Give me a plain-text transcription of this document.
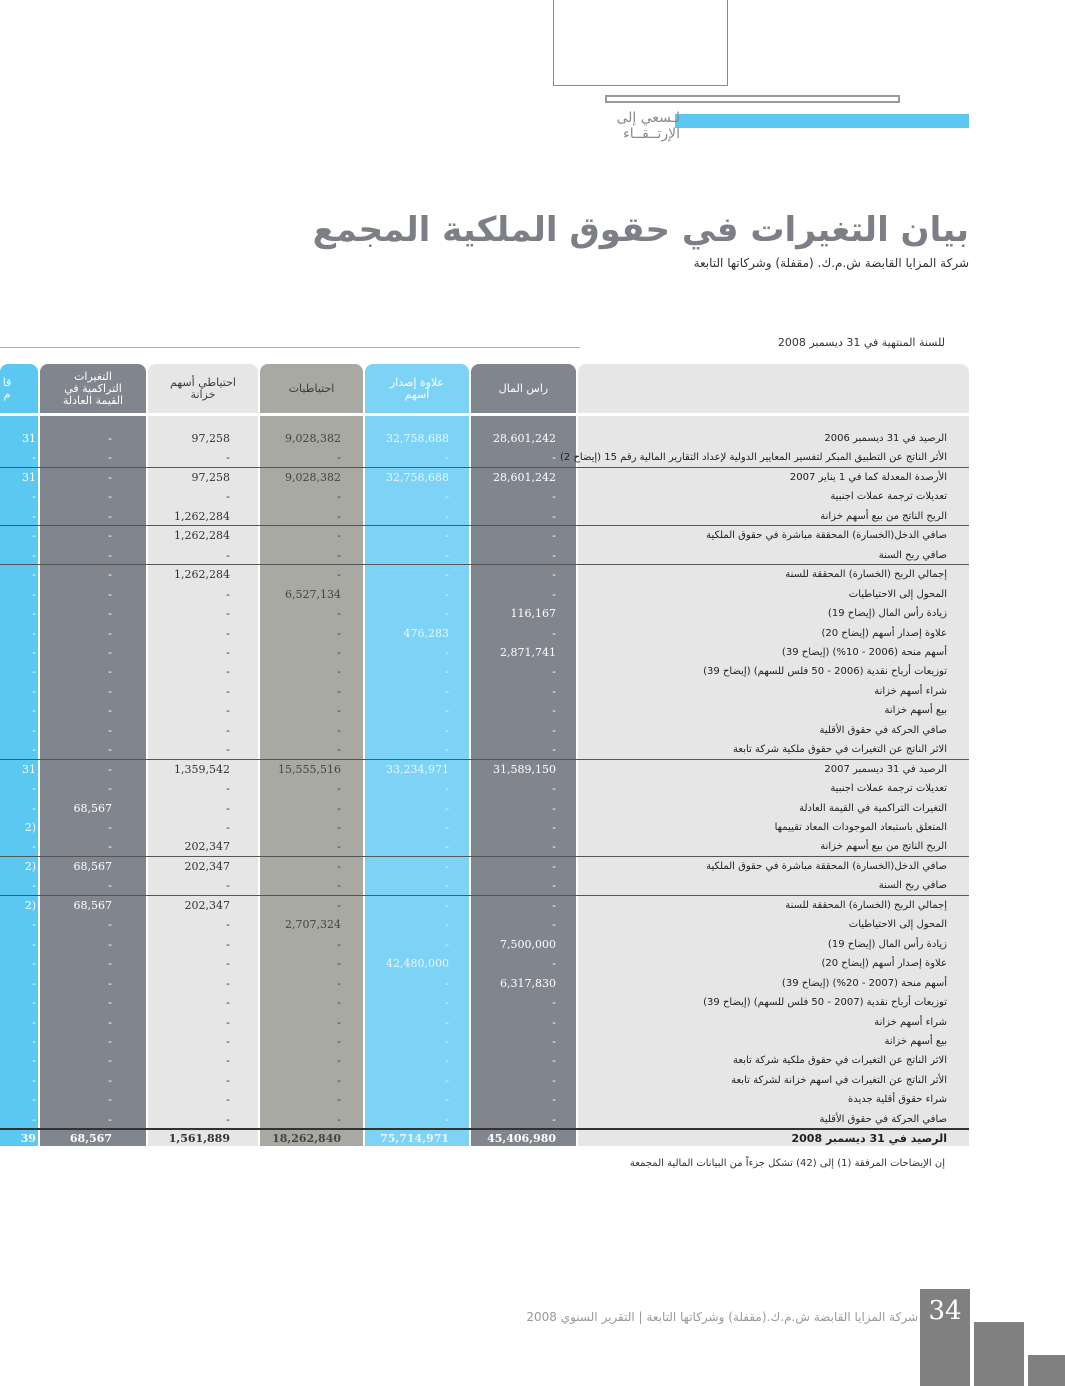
لـسعي إلى الإرتــقــاء
بيان التغيرات في حقوق الملكية المجمع
شركة المزايا القابضة ش.م.ك. (مقفلة) وشركاتها التابعة
للسنة المنتهية في 31 ديسمبر 2008
راس المال
علاوة إصدار أسهم
احتياطيات
احتياطي أسهم خزانة
التغيرات التراكمية في القيمة العادلة
قا م
الرصيد في 31 ديسمبر 2006
28,601,242
32,758,688
9,028,382
97,258
-
31
الأثر الناتج عن التطبيق المبكر لتفسير المعايير الدولية لإعداد التقارير المالية رقم 15 (إيضاح 2)
-
-
-
-
-
-
الأرصدة المعدلة كما في 1 يناير 2007
28,601,242
32,758,688
9,028,382
97,258
-
31
تعديلات ترجمة عملات اجنبية
-
-
-
-
-
-
الربح الناتج من بيع أسهم خزانة
-
-
-
1,262,284
-
-
صافي الدخل(الخسارة) المحققة مباشرة في حقوق الملكية
-
-
-
1,262,284
-
-
صافي ربح السنة
-
-
-
-
-
-
إجمالي الربح (الخسارة) المحققة للسنة
-
-
-
1,262,284
-
-
المحول إلى الاحتياطيات
-
-
6,527,134
-
-
-
زيادة رأس المال (إيضاح 19)
116,167
-
-
-
-
-
علاوة إصدار أسهم (إيضاح 20)
-
476,283
-
-
-
-
أسهم منحة (2006 - 10%) (إيضاح 39)
2,871,741
-
-
-
-
-
توزيعات أرباح نقدية (2006 - 50 فلس للسهم) (إيضاح 39)
-
-
-
-
-
-
شراء أسهم خزانة
-
-
-
-
-
-
بيع أسهم خزانة
-
-
-
-
-
-
صافي الحركة في حقوق الأقلية
-
-
-
-
-
-
الاثر الناتج عن التغيرات في حقوق ملكية شركة تابعة
-
-
-
-
-
-
الرصيد في 31 ديسمبر 2007
31,589,150
33,234,971
15,555,516
1,359,542
-
31
تعديلات ترجمة عملات اجنبية
-
-
-
-
-
-
التغيرات التراكمية في القيمة العادلة
-
-
-
-
68,567
-
المتعلق باستبعاد الموجودات المعاد تقييمها
-
-
-
-
-
2)
الربح الناتج من بيع أسهم خزانة
-
-
-
202,347
-
-
صافي الدخل(الخسارة) المحققة مباشرة في حقوق الملكية
-
-
-
202,347
68,567
2)
صافي ربح السنة
-
-
-
-
-
-
إجمالي الربح (الخسارة) المحققة للسنة
-
-
-
202,347
68,567
2)
المحول إلى الاحتياطيات
-
-
2,707,324
-
-
-
زيادة رأس المال (إيضاح 19)
7,500,000
-
-
-
-
-
علاوة إصدار أسهم (إيضاح 20)
-
42,480,000
-
-
-
-
أسهم منحة (2007 - 20%) (إيضاح 39)
6,317,830
-
-
-
-
-
توزيعات أرباح نقدية (2007 - 50 فلس للسهم) (إيضاح 39)
-
-
-
-
-
-
شراء أسهم خزانة
-
-
-
-
-
-
بيع أسهم خزانة
-
-
-
-
-
-
الاثر الناتج عن التغيرات في حقوق ملكية شركة تابعة
-
-
-
-
-
-
الأثر الناتج عن التغيرات في اسهم خزانة لشركة تابعة
-
-
-
-
-
-
شراء حقوق أقلية جديدة
-
-
-
-
-
-
صافي الحركة في حقوق الأقلية
-
-
-
-
-
-
الرصيد في 31 ديسمبر 2008
45,406,980
75,714,971
18,262,840
1,561,889
68,567
39
إن الإيضاحات المرفقة (1) إلى (42) تشكل جزءاً من البيانات المالية المجمعة
شركة المزايا القابضة ش.م.ك.(مقفلة) وشركاتها التابعة | التقرير السنوي 2008 34
